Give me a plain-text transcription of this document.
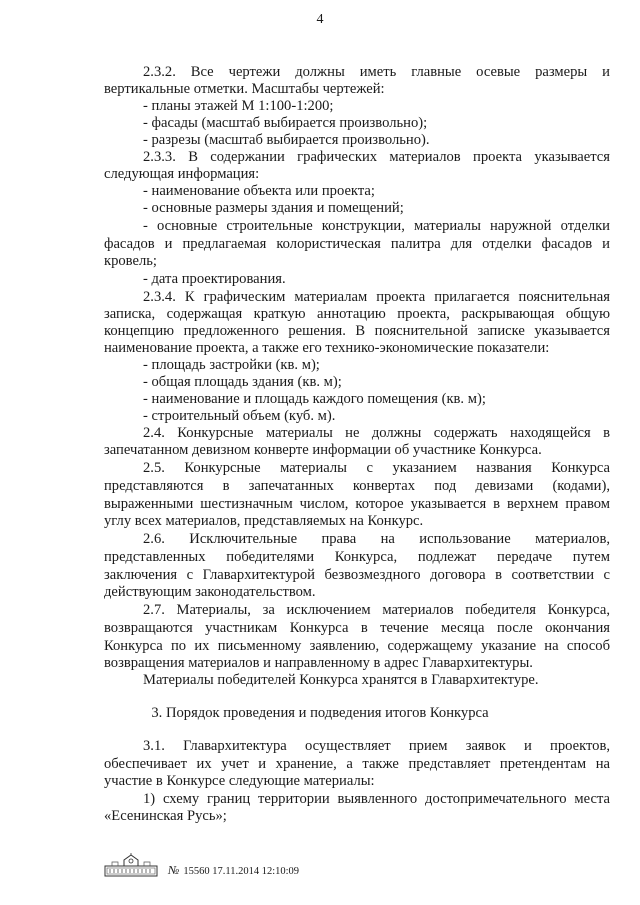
4
2.3.2. Все чертежи должны иметь главные осевые размеры и
вертикальные отметки. Масштабы чертежей:
- планы этажей М 1:100-1:200;
- фасады (масштаб выбирается произвольно);
- разрезы (масштаб выбирается произвольно).
2.3.3. В содержании графических материалов проекта указывается
следующая информация:
- наименование объекта или проекта;
- основные размеры здания и помещений;
- основные строительные конструкции, материалы наружной отделки
фасадов и предлагаемая колористическая палитра для отделки фасадов и
кровель;
- дата проектирования.
2.3.4. К графическим материалам проекта прилагается пояснительная
записка, содержащая краткую аннотацию проекта, раскрывающая общую
концепцию предложенного решения. В пояснительной записке указывается
наименование проекта, а также его технико-экономические показатели:
- площадь застройки (кв. м);
- общая площадь здания (кв. м);
- наименование и площадь каждого помещения (кв. м);
- строительный объем (куб. м).
2.4. Конкурсные материалы не должны содержать находящейся в
запечатанном девизном конверте информации об участнике Конкурса.
2.5. Конкурсные материалы с указанием названия Конкурса
представляются в запечатанных конвертах под девизами (кодами),
выраженными шестизначным числом, которое указывается в верхнем правом
углу всех материалов, представляемых на Конкурс.
2.6. Исключительные права на использование материалов,
представленных победителями Конкурса, подлежат передаче путем
заключения с Главархитектурой безвозмездного договора в соответствии с
действующим законодательством.
2.7. Материалы, за исключением материалов победителя Конкурса,
возвращаются участникам Конкурса в течение месяца после окончания
Конкурса по их письменному заявлению, содержащему указание на способ
возвращения материалов и направленному в адрес Главархитектуры.
Материалы победителей Конкурса хранятся в Главархитектуре.
3. Порядок проведения и подведения итогов Конкурса
3.1. Главархитектура осуществляет прием заявок и проектов,
обеспечивает их учет и хранение, а также представляет претендентам на
участие в Конкурсе следующие материалы:
1) схему границ территории выявленного достопримечательного места
«Есенинская Русь»;
№ 15560 17.11.2014 12:10:09
